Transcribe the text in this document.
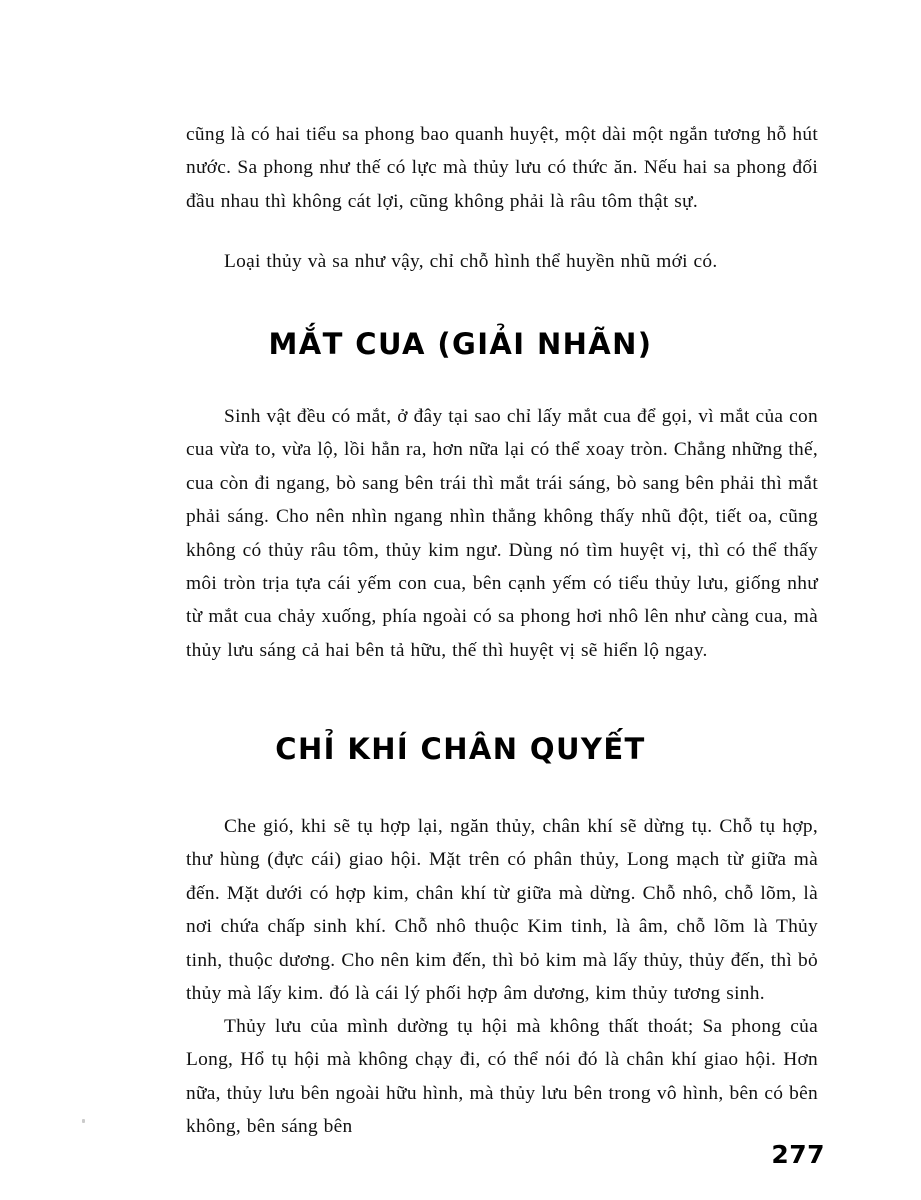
cũng là có hai tiểu sa phong bao quanh huyệt, một dài một ngắn tương hỗ hút nước. Sa phong như thế có lực mà thủy lưu có thức ăn. Nếu hai sa phong đối đầu nhau thì không cát lợi, cũng không phải là râu tôm thật sự.

Loại thủy và sa như vậy, chỉ chỗ hình thể huyền nhũ mới có.

MẮT CUA (GIẢI NHÃN)

Sinh vật đều có mắt, ở đây tại sao chỉ lấy mắt cua để gọi, vì mắt của con cua vừa to, vừa lộ, lồi hẳn ra, hơn nữa lại có thể xoay tròn. Chẳng những thế, cua còn đi ngang, bò sang bên trái thì mắt trái sáng, bò sang bên phải thì mắt phải sáng. Cho nên nhìn ngang nhìn thẳng không thấy nhũ đột, tiết oa, cũng không có thủy râu tôm, thủy kim ngư. Dùng nó tìm huyệt vị, thì có thể thấy môi tròn trịa tựa cái yếm con cua, bên cạnh yếm có tiểu thủy lưu, giống như từ mắt cua chảy xuống, phía ngoài có sa phong hơi nhô lên như càng cua, mà thủy lưu sáng cả hai bên tả hữu, thế thì huyệt vị sẽ hiển lộ ngay.

CHỈ KHÍ CHÂN QUYẾT

Che gió, khi sẽ tụ hợp lại, ngăn thủy, chân khí sẽ dừng tụ. Chỗ tụ hợp, thư hùng (đực cái) giao hội. Mặt trên có phân thủy, Long mạch từ giữa mà đến. Mặt dưới có hợp kim, chân khí từ giữa mà dừng. Chỗ nhô, chỗ lõm, là nơi chứa chấp sinh khí. Chỗ nhô thuộc Kim tinh, là âm, chỗ lõm là Thủy tinh, thuộc dương. Cho nên kim đến, thì bỏ kim mà lấy thủy, thủy đến, thì bỏ thủy mà lấy kim. đó là cái lý phối hợp âm dương, kim thủy tương sinh.

Thủy lưu của mình dường tụ hội mà không thất thoát; Sa phong của Long, Hổ tụ hội mà không chạy đi, có thể nói đó là chân khí giao hội. Hơn nữa, thủy lưu bên ngoài hữu hình, mà thủy lưu bên trong vô hình, bên có bên không, bên sáng bên

277
